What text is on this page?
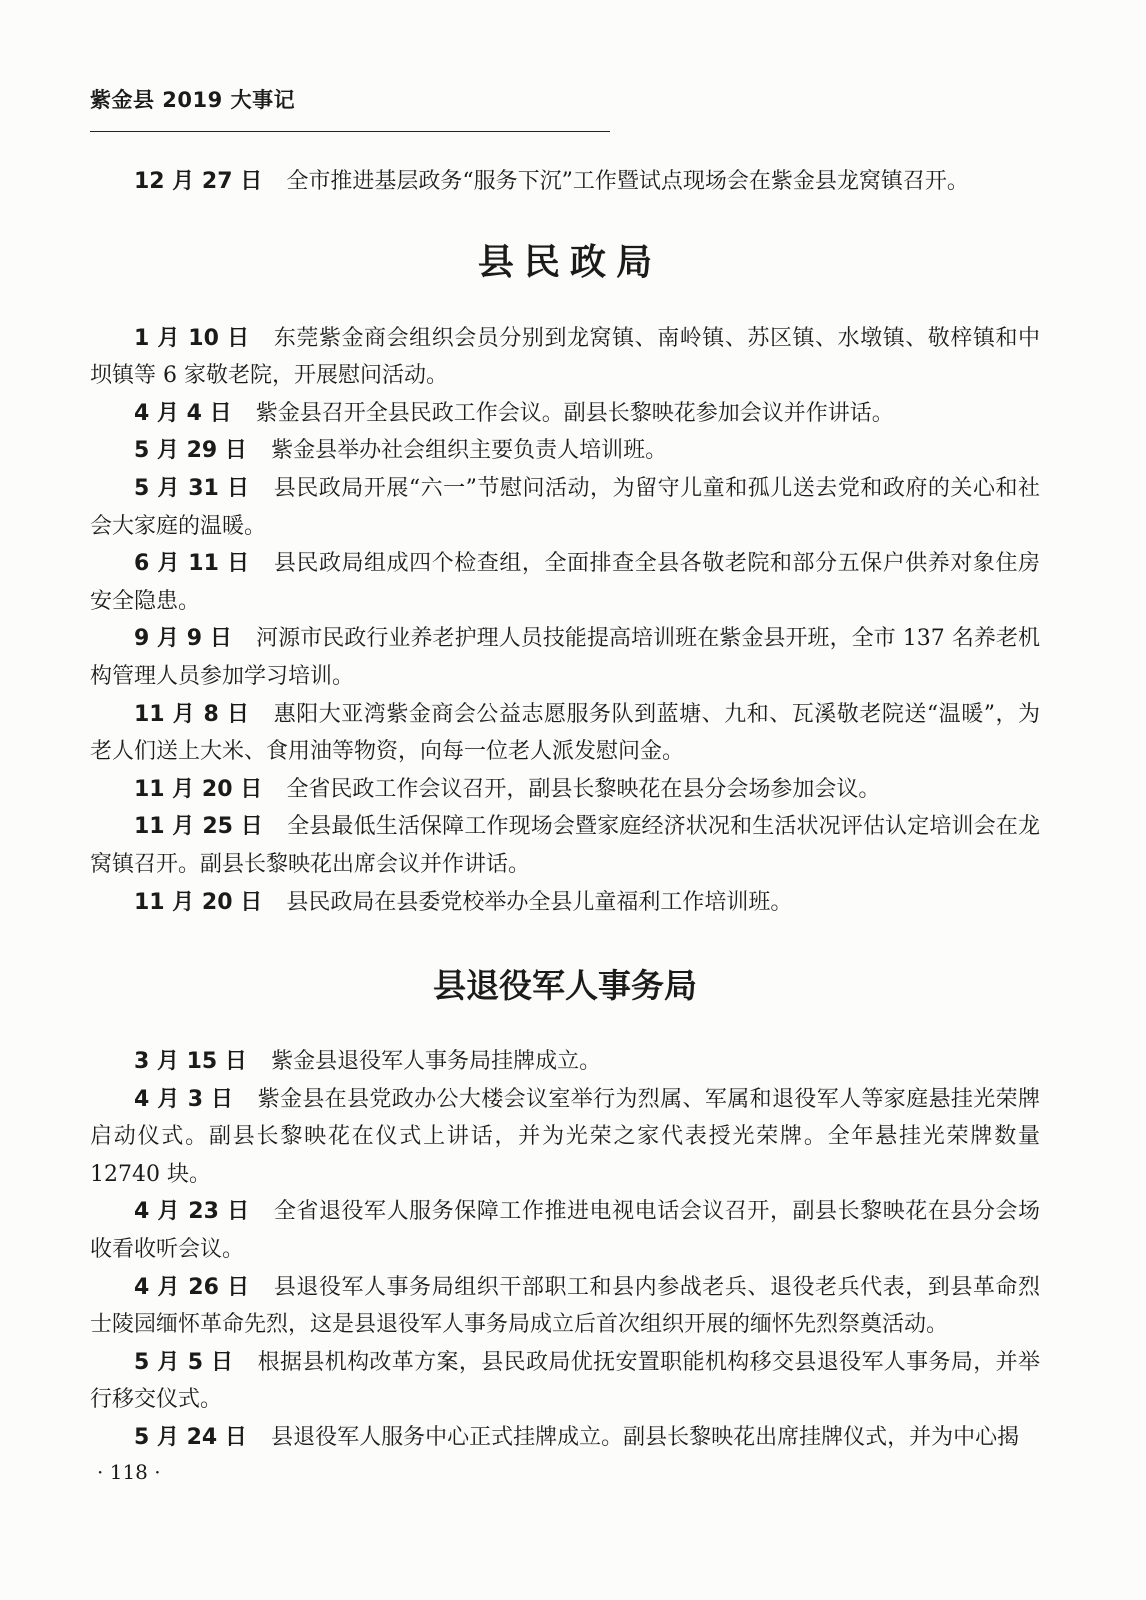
紫金县 2019 大事记

12 月 27 日 全市推进基层政务“服务下沉”工作暨试点现场会在紫金县龙窝镇召开。

县民政局

1 月 10 日 东莞紫金商会组织会员分别到龙窝镇、南岭镇、苏区镇、水墩镇、敬梓镇和中坝镇等 6 家敬老院，开展慰问活动。

4 月 4 日 紫金县召开全县民政工作会议。副县长黎映花参加会议并作讲话。

5 月 29 日 紫金县举办社会组织主要负责人培训班。

5 月 31 日 县民政局开展“六一”节慰问活动，为留守儿童和孤儿送去党和政府的关心和社会大家庭的温暖。

6 月 11 日 县民政局组成四个检查组，全面排查全县各敬老院和部分五保户供养对象住房安全隐患。

9 月 9 日 河源市民政行业养老护理人员技能提高培训班在紫金县开班，全市 137 名养老机构管理人员参加学习培训。

11 月 8 日 惠阳大亚湾紫金商会公益志愿服务队到蓝塘、九和、瓦溪敬老院送“温暖”，为老人们送上大米、食用油等物资，向每一位老人派发慰问金。

11 月 20 日 全省民政工作会议召开，副县长黎映花在县分会场参加会议。

11 月 25 日 全县最低生活保障工作现场会暨家庭经济状况和生活状况评估认定培训会在龙窝镇召开。副县长黎映花出席会议并作讲话。

11 月 20 日 县民政局在县委党校举办全县儿童福利工作培训班。

县退役军人事务局

3 月 15 日 紫金县退役军人事务局挂牌成立。

4 月 3 日 紫金县在县党政办公大楼会议室举行为烈属、军属和退役军人等家庭悬挂光荣牌启动仪式。副县长黎映花在仪式上讲话，并为光荣之家代表授光荣牌。全年悬挂光荣牌数量 12740 块。

4 月 23 日 全省退役军人服务保障工作推进电视电话会议召开，副县长黎映花在县分会场收看收听会议。

4 月 26 日 县退役军人事务局组织干部职工和县内参战老兵、退役老兵代表，到县革命烈士陵园缅怀革命先烈，这是县退役军人事务局成立后首次组织开展的缅怀先烈祭奠活动。

5 月 5 日 根据县机构改革方案，县民政局优抚安置职能机构移交县退役军人事务局，并举行移交仪式。

5 月 24 日 县退役军人服务中心正式挂牌成立。副县长黎映花出席挂牌仪式，并为中心揭

· 118 ·
